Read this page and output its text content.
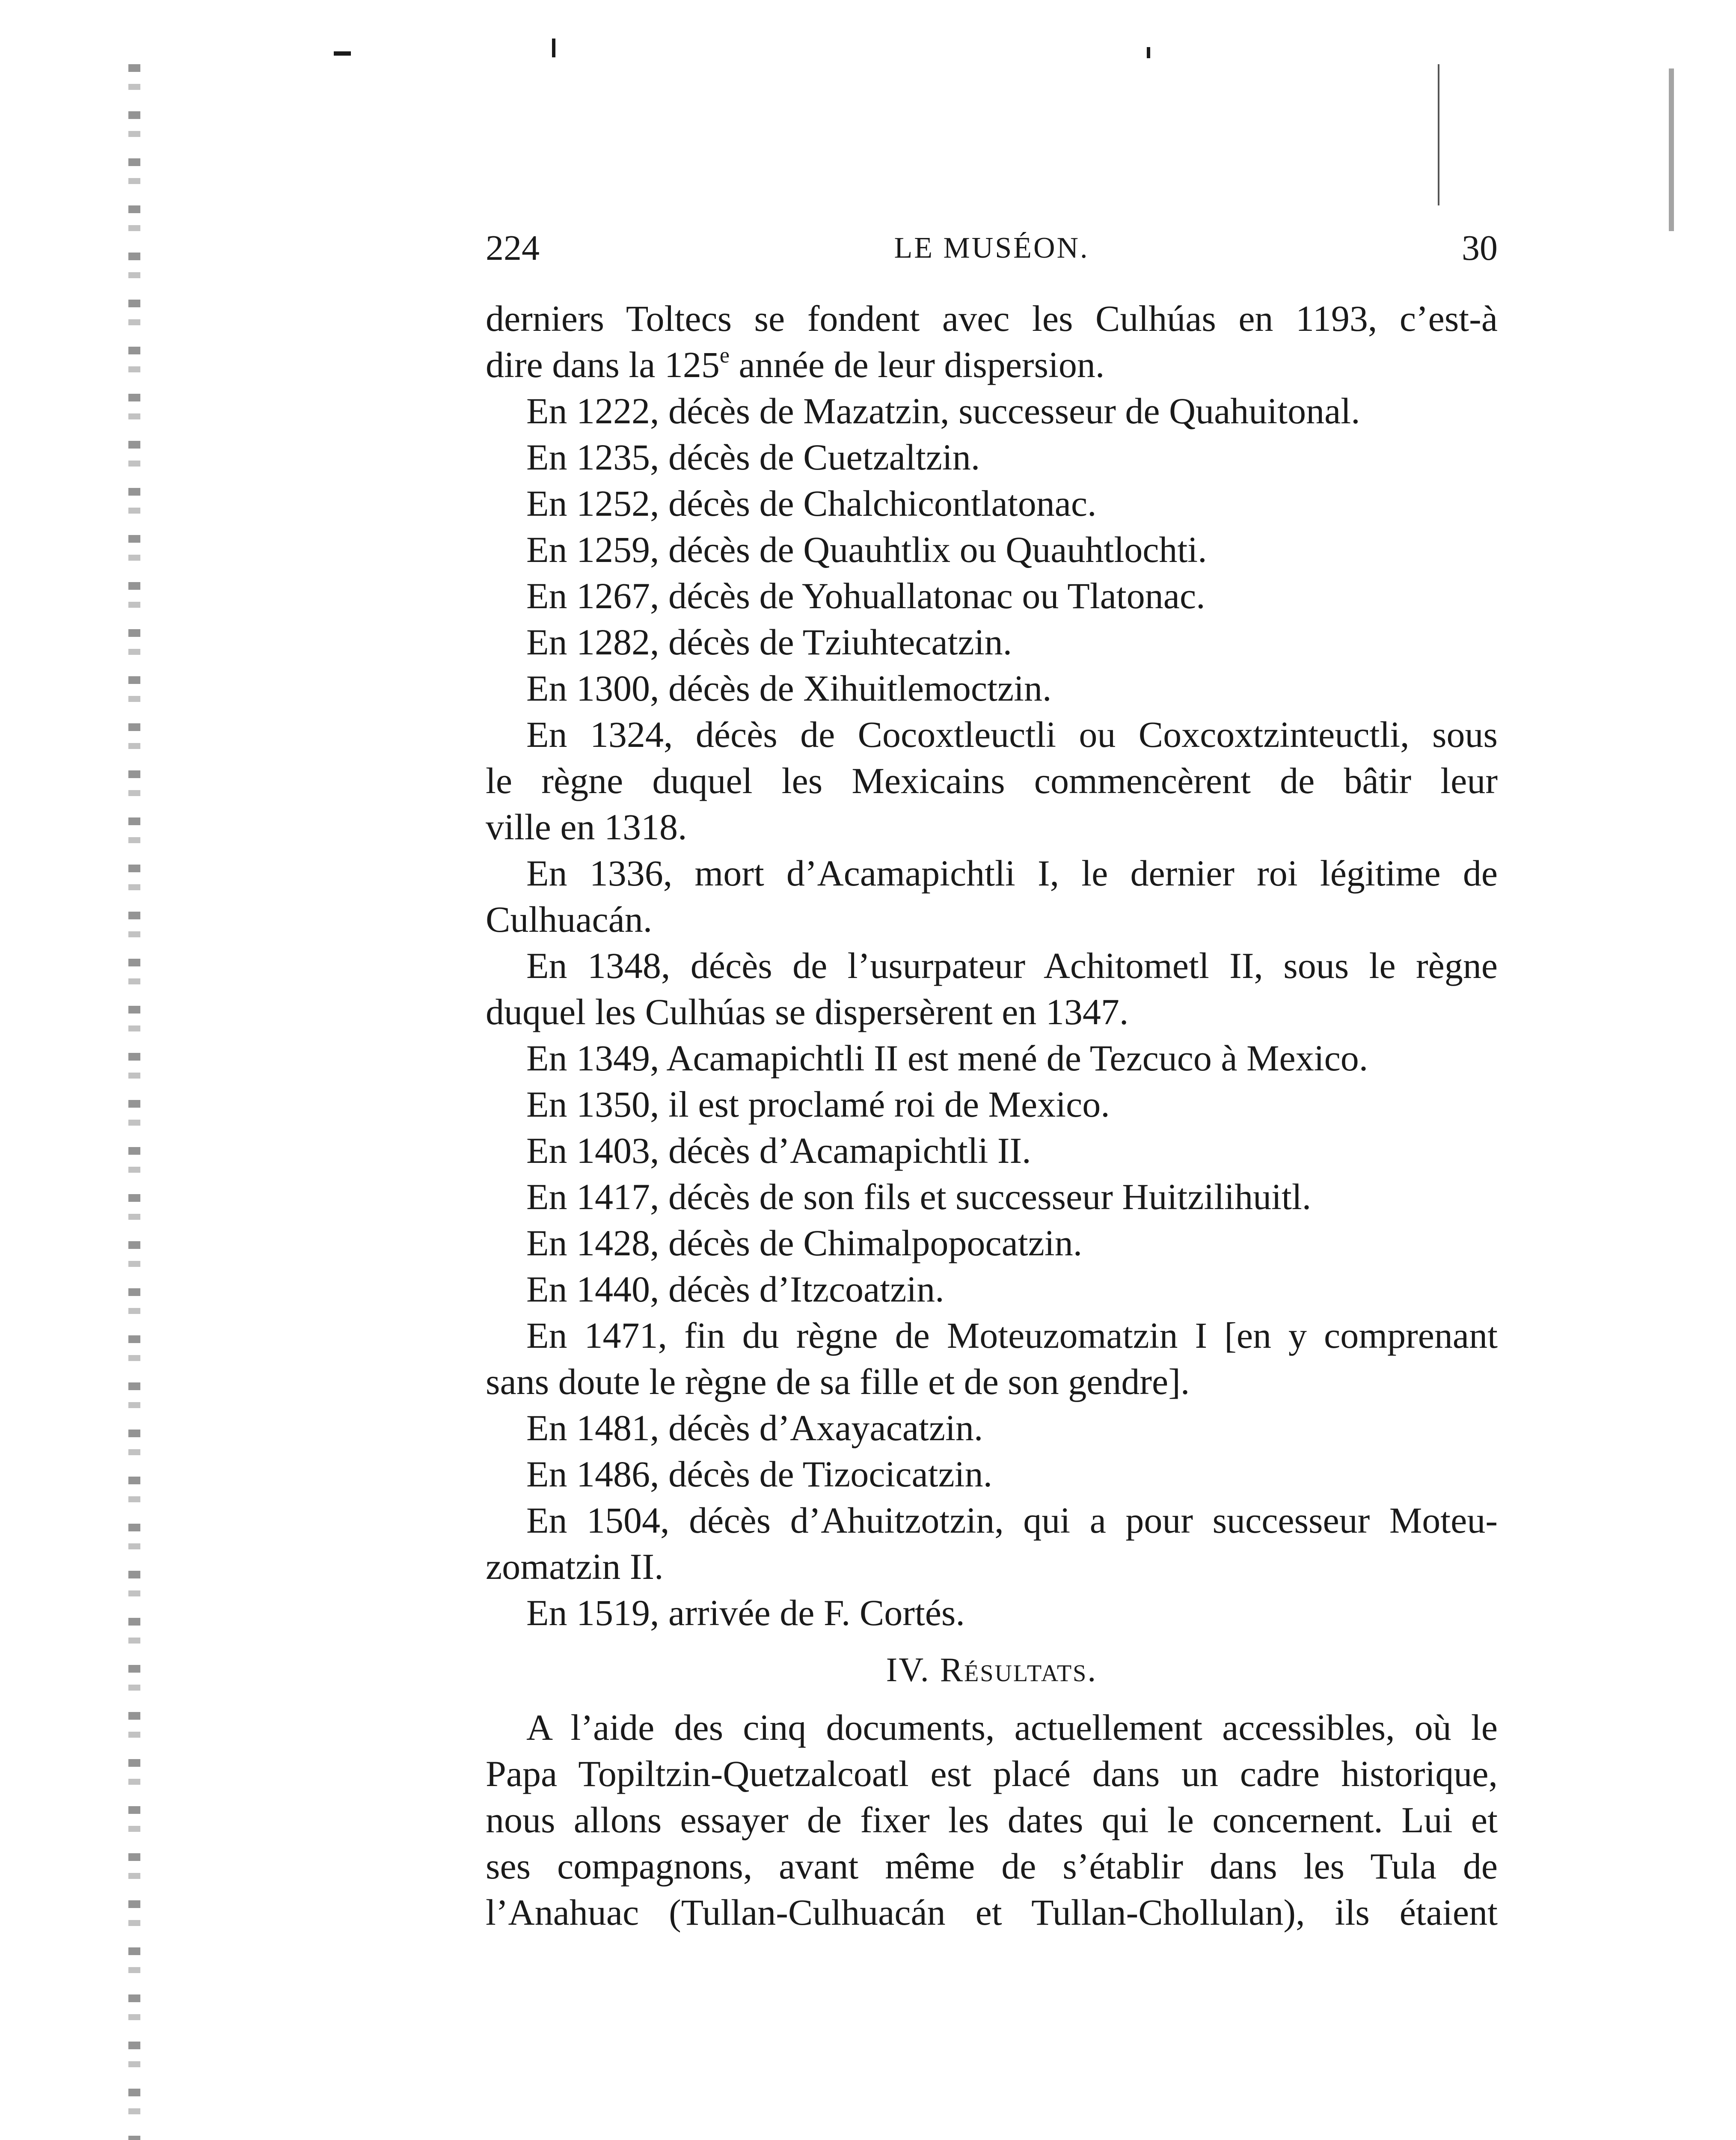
224	LE MUSÉON.	30
derniers Toltecs se fondent avec les Culhúas en 1193, c’est-à
dire dans la 125e année de leur dispersion.
En 1222, décès de Mazatzin, successeur de Quahuitonal.
En 1235, décès de Cuetzaltzin.
En 1252, décès de Chalchicontlatonac.
En 1259, décès de Quauhtlix ou Quauhtlochti.
En 1267, décès de Yohuallatonac ou Tlatonac.
En 1282, décès de Tziuhtecatzin.
En 1300, décès de Xihuitlemoctzin.
En 1324, décès de Cocoxtleuctli ou Coxcoxtzinteuctli, sous
le règne duquel les Mexicains commencèrent de bâtir leur
ville en 1318.
En 1336, mort d’Acamapichtli I, le dernier roi légitime de
Culhuacán.
En 1348, décès de l’usurpateur Achitometl II, sous le règne
duquel les Culhúas se dispersèrent en 1347.
En 1349, Acamapichtli II est mené de Tezcuco à Mexico.
En 1350, il est proclamé roi de Mexico.
En 1403, décès d’Acamapichtli II.
En 1417, décès de son fils et successeur Huitzilihuitl.
En 1428, décès de Chimalpopocatzin.
En 1440, décès d’Itzcoatzin.
En 1471, fin du règne de Moteuzomatzin I [en y comprenant
sans doute le règne de sa fille et de son gendre].
En 1481, décès d’Axayacatzin.
En 1486, décès de Tizocicatzin.
En 1504, décès d’Ahuitzotzin, qui a pour successeur Moteu-
zomatzin II.
En 1519, arrivée de F. Cortés.
IV. Résultats.
A l’aide des cinq documents, actuellement accessibles, où le
Papa Topiltzin-Quetzalcoatl est placé dans un cadre historique,
nous allons essayer de fixer les dates qui le concernent. Lui et
ses compagnons, avant même de s’établir dans les Tula de
l’Anahuac (Tullan-Culhuacán et Tullan-Chollulan), ils étaient
